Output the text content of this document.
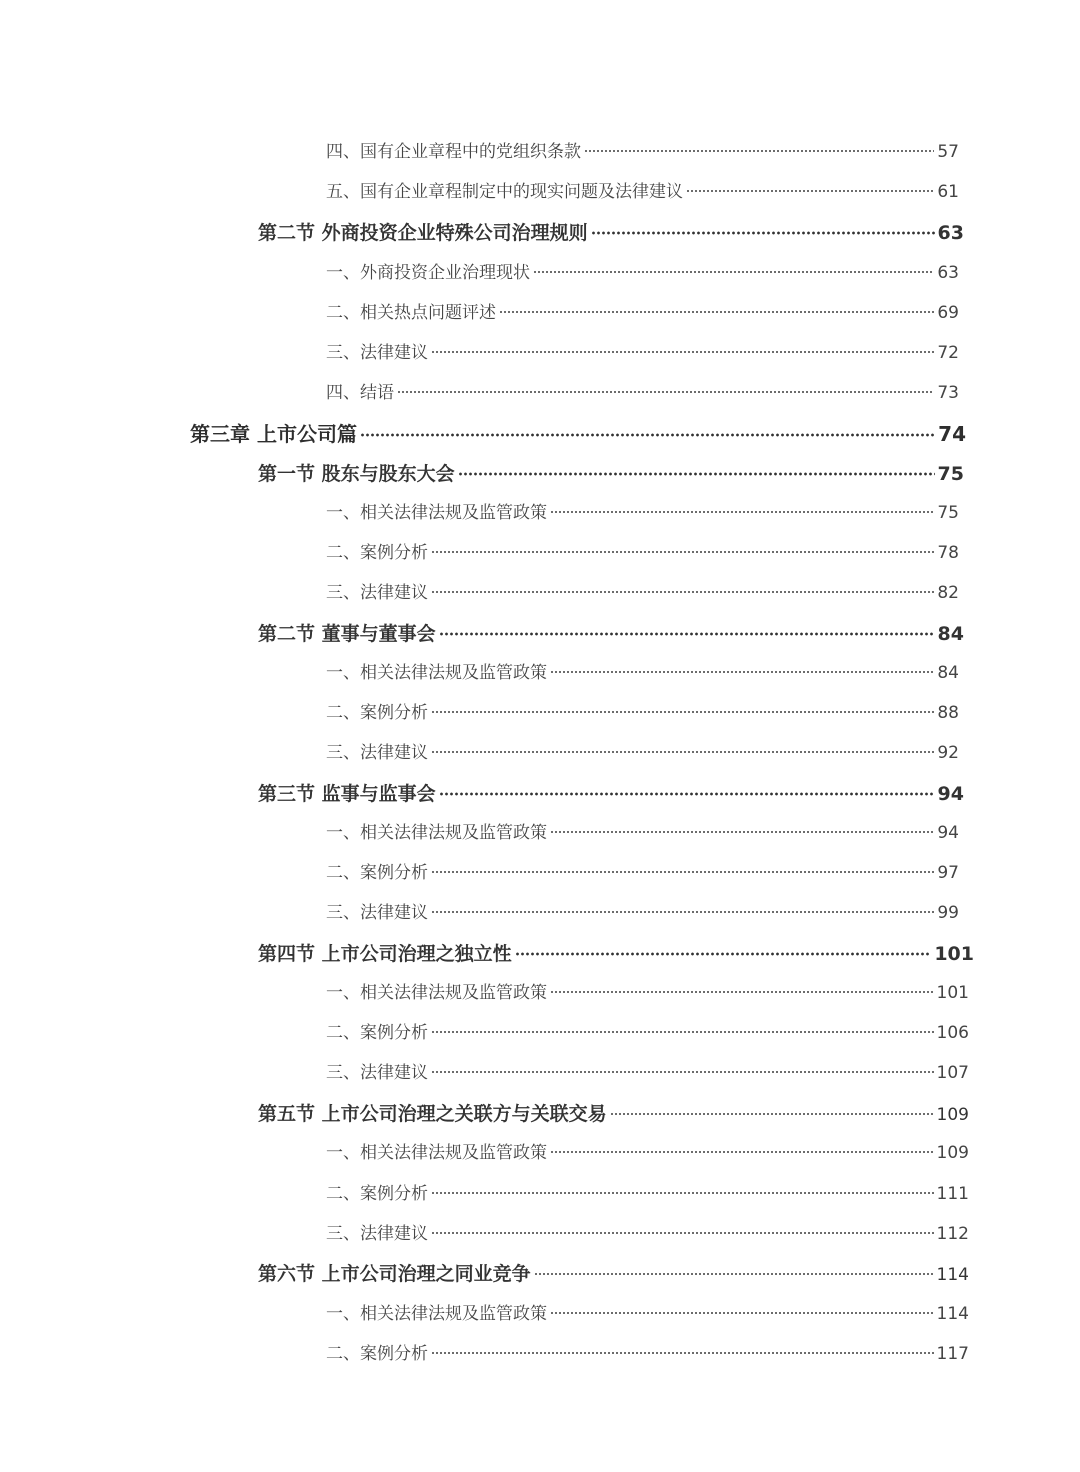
四、国有企业章程中的党组织条款	57
五、国有企业章程制定中的现实问题及法律建议	61
第二节 外商投资企业特殊公司治理规则	63
一、外商投资企业治理现状	63
二、相关热点问题评述	69
三、法律建议	72
四、结语	73
第三章 上市公司篇	74
第一节 股东与股东大会	75
一、相关法律法规及监管政策	75
二、案例分析	78
三、法律建议	82
第二节 董事与董事会	84
一、相关法律法规及监管政策	84
二、案例分析	88
三、法律建议	92
第三节 监事与监事会	94
一、相关法律法规及监管政策	94
二、案例分析	97
三、法律建议	99
第四节 上市公司治理之独立性	101
一、相关法律法规及监管政策	101
二、案例分析	106
三、法律建议	107
第五节 上市公司治理之关联方与关联交易	109
一、相关法律法规及监管政策	109
二、案例分析	111
三、法律建议	112
第六节 上市公司治理之同业竞争	114
一、相关法律法规及监管政策	114
二、案例分析	117
